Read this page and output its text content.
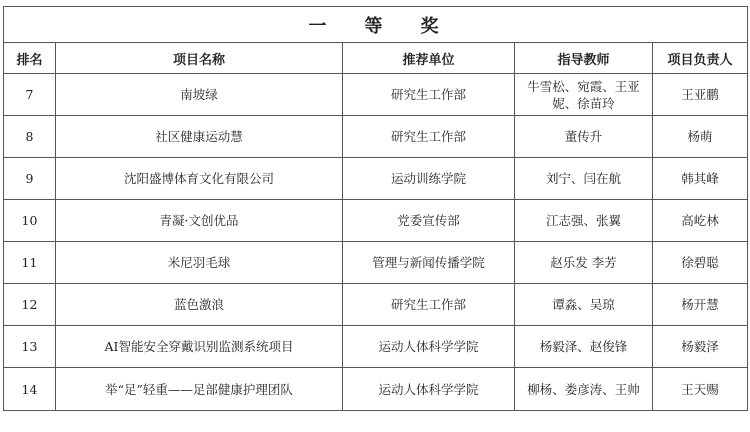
一等奖				
排名	项目名称	推荐单位	指导教师	项目负责人
7	南坡绿	研究生工作部	牛雪松、宛霞、王亚妮、徐苗玲	王亚鹏
8	社区健康运动慧	研究生工作部	董传升	杨萌
9	沈阳盛博体育文化有限公司	运动训练学院	刘宁、闫在航	韩其峰
10	青凝·文创优品	党委宣传部	江志强、张翼	高屹林
11	米尼羽毛球	管理与新闻传播学院	赵乐发 李芳	徐碧聪
12	蓝色激浪	研究生工作部	谭淼、吴琼	杨开慧
13	AI智能安全穿戴识别监测系统项目	运动人体科学学院	杨毅泽、赵俊锋	杨毅泽
14	举“足”轻重——足部健康护理团队	运动人体科学学院	柳杨、娄彦涛、王帅	王天赐
